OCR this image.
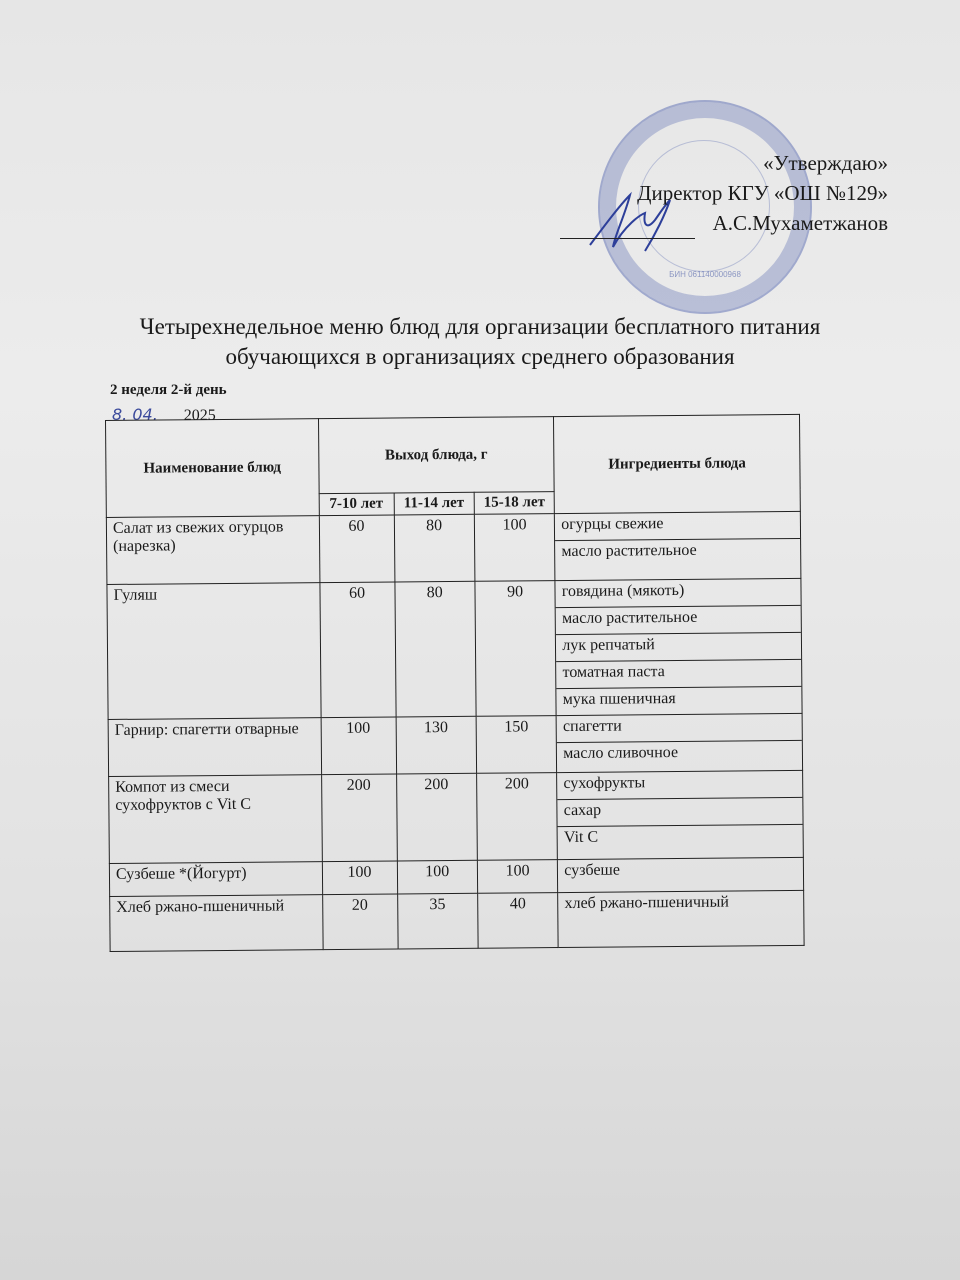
БИН 061140000968
«Утверждаю»
Директор КГУ «ОШ №129»
А.С.Мухаметжанов
Четырехнедельное меню блюд для организации бесплатного питания
обучающихся в организациях среднего образования
2 неделя 2-й день
8. 04. 2025
Наименование блюд	Выход блюда, г			Ингредиенты блюда
	7-10 лет	11-14 лет	15-18 лет	
Салат из свежих огурцов (нарезка)	60	80	100	огурцы свежие
масло растительное

Гуляш	60	80	90	говядина (мякоть)
масло растительное
лук репчатый
томатная паста
мука пшеничная

Гарнир: спагетти отварные	100	130	150	спагетти
масло сливочное

Компот из смеси сухофруктов с Vit C	200	200	200	сухофрукты
сахар
Vit C

Сузбеше *(Йогурт)	100	100	100	сузбеше

Хлеб ржано-пшеничный	20	35	40	хлеб ржано-пшеничный
